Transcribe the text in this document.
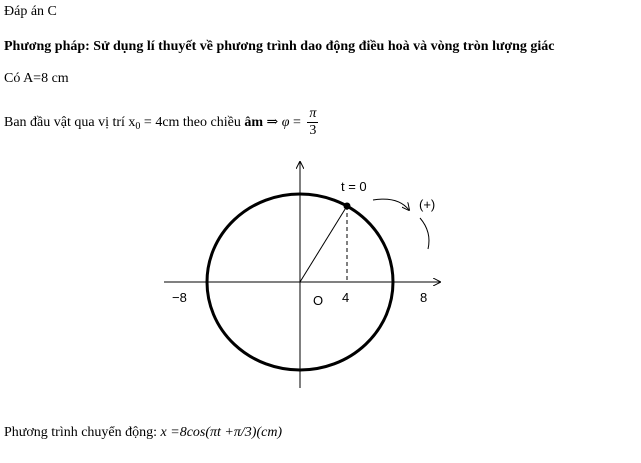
Đáp án C
Phương pháp: Sử dụng lí thuyết về phương trình dao động điều hoà và vòng tròn lượng giác
Có A=8 cm
Ban đầu vật qua vị trí $x_0 = 4cm$ theo chiều âm ⇒ $\varphi = \frac{\pi}{3}$
t = 0
(+)
−8	O 4	8
Phương trình chuyển động: x =8cos(πt +π/3)(cm)
